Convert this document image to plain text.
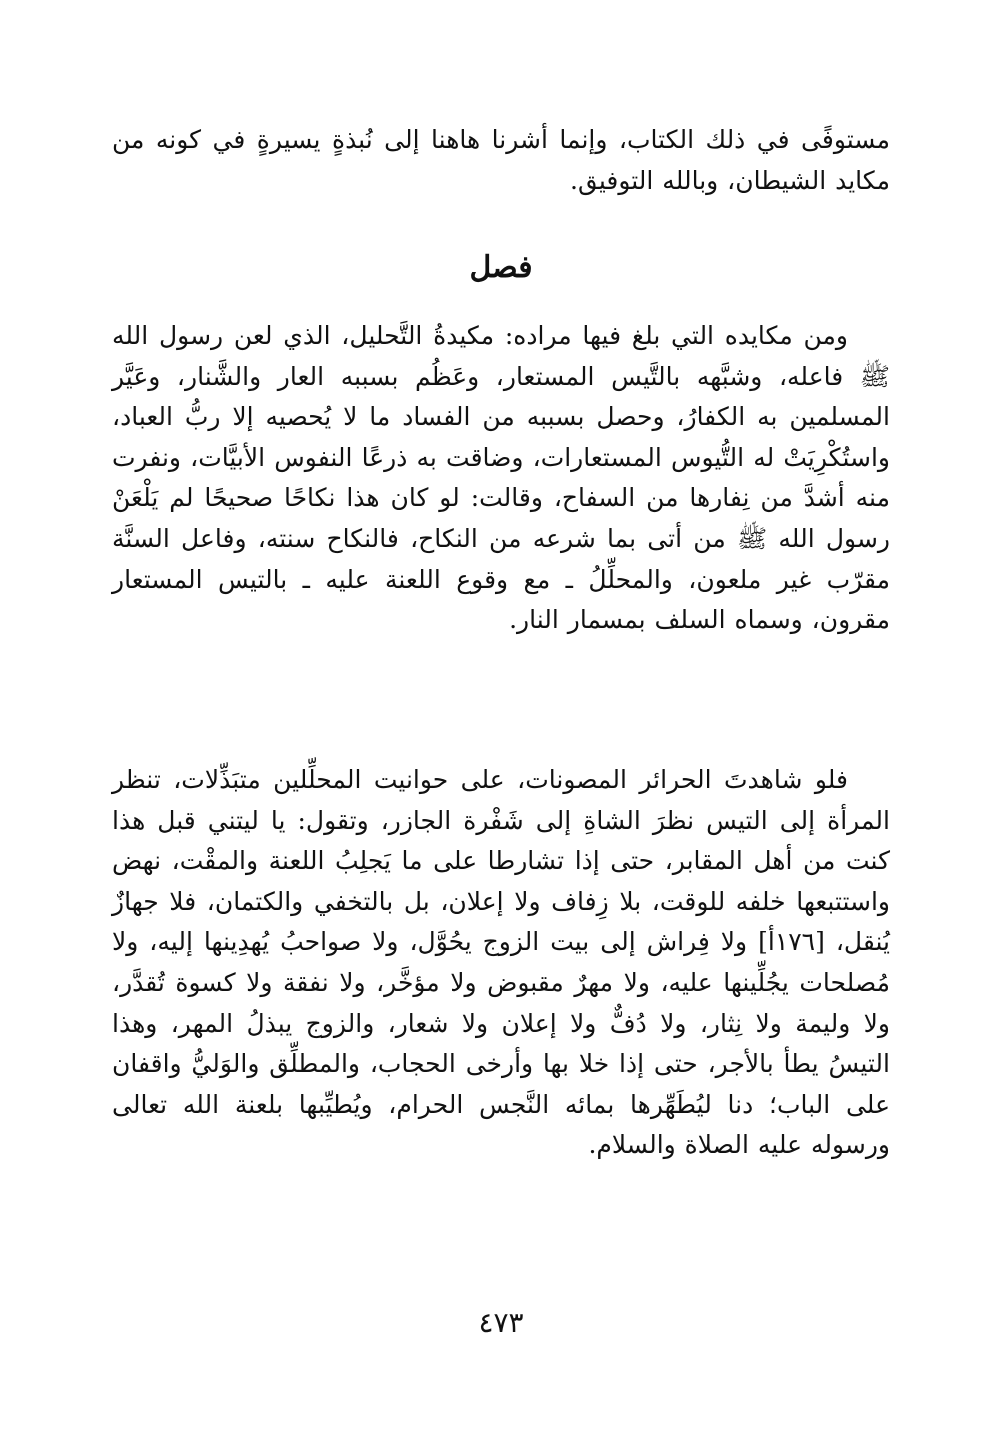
مستوفًى في ذلك الكتاب، وإنما أشرنا هاهنا إلى نُبذةٍ يسيرةٍ في كونه من مكايد الشيطان، وبالله التوفيق.

فصل

ومن مكايده التي بلغ فيها مراده: مكيدةُ التَّحليل، الذي لعن رسول الله ﷺ فاعله، وشبَّهه بالتَّيس المستعار، وعَظُم بسببه العار والشَّنار، وعَيَّر المسلمين به الكفارُ، وحصل بسببه من الفساد ما لا يُحصيه إلا ربُّ العباد، واستُكْرِيَتْ له التُّيوس المستعارات، وضاقت به ذرعًا النفوس الأبيَّات، ونفرت منه أشدَّ من نِفارها من السفاح، وقالت: لو كان هذا نكاحًا صحيحًا لم يَلْعَنْ رسول الله ﷺ من أتى بما شرعه من النكاح، فالنكاح سنته، وفاعل السنَّة مقرّب غير ملعون، والمحلِّلُ ـ مع وقوع اللعنة عليه ـ بالتيس المستعار مقرون، وسماه السلف بمسمار النار.

فلو شاهدتَ الحرائر المصونات، على حوانيت المحلِّلين متبَذِّلات، تنظر المرأة إلى التيس نظرَ الشاةِ إلى شَفْرة الجازر، وتقول: يا ليتني قبل هذا كنت من أهل المقابر، حتى إذا تشارطا على ما يَجلِبُ اللعنة والمقْت، نهض واستتبعها خلفه للوقت، بلا زِفاف ولا إعلان، بل بالتخفي والكتمان، فلا جهازٌ يُنقل، [١٧٦أ] ولا فِراش إلى بيت الزوج يحُوَّل، ولا صواحبُ يُهدِينها إليه، ولا مُصلحات يجُلِّينها عليه، ولا مهرٌ مقبوض ولا مؤخَّر، ولا نفقة ولا كسوة تُقدَّر، ولا وليمة ولا نِثار، ولا دُفٌّ ولا إعلان ولا شعار، والزوج يبذلُ المهر، وهذا التيسُ يطأ بالأجر، حتى إذا خلا بها وأرخى الحجاب، والمطلِّق والوَليُّ واقفان على الباب؛ دنا ليُطَهِّرها بمائه النَّجس الحرام، ويُطيِّبها بلعنة الله تعالى ورسوله عليه الصلاة والسلام.

٤٧٣
